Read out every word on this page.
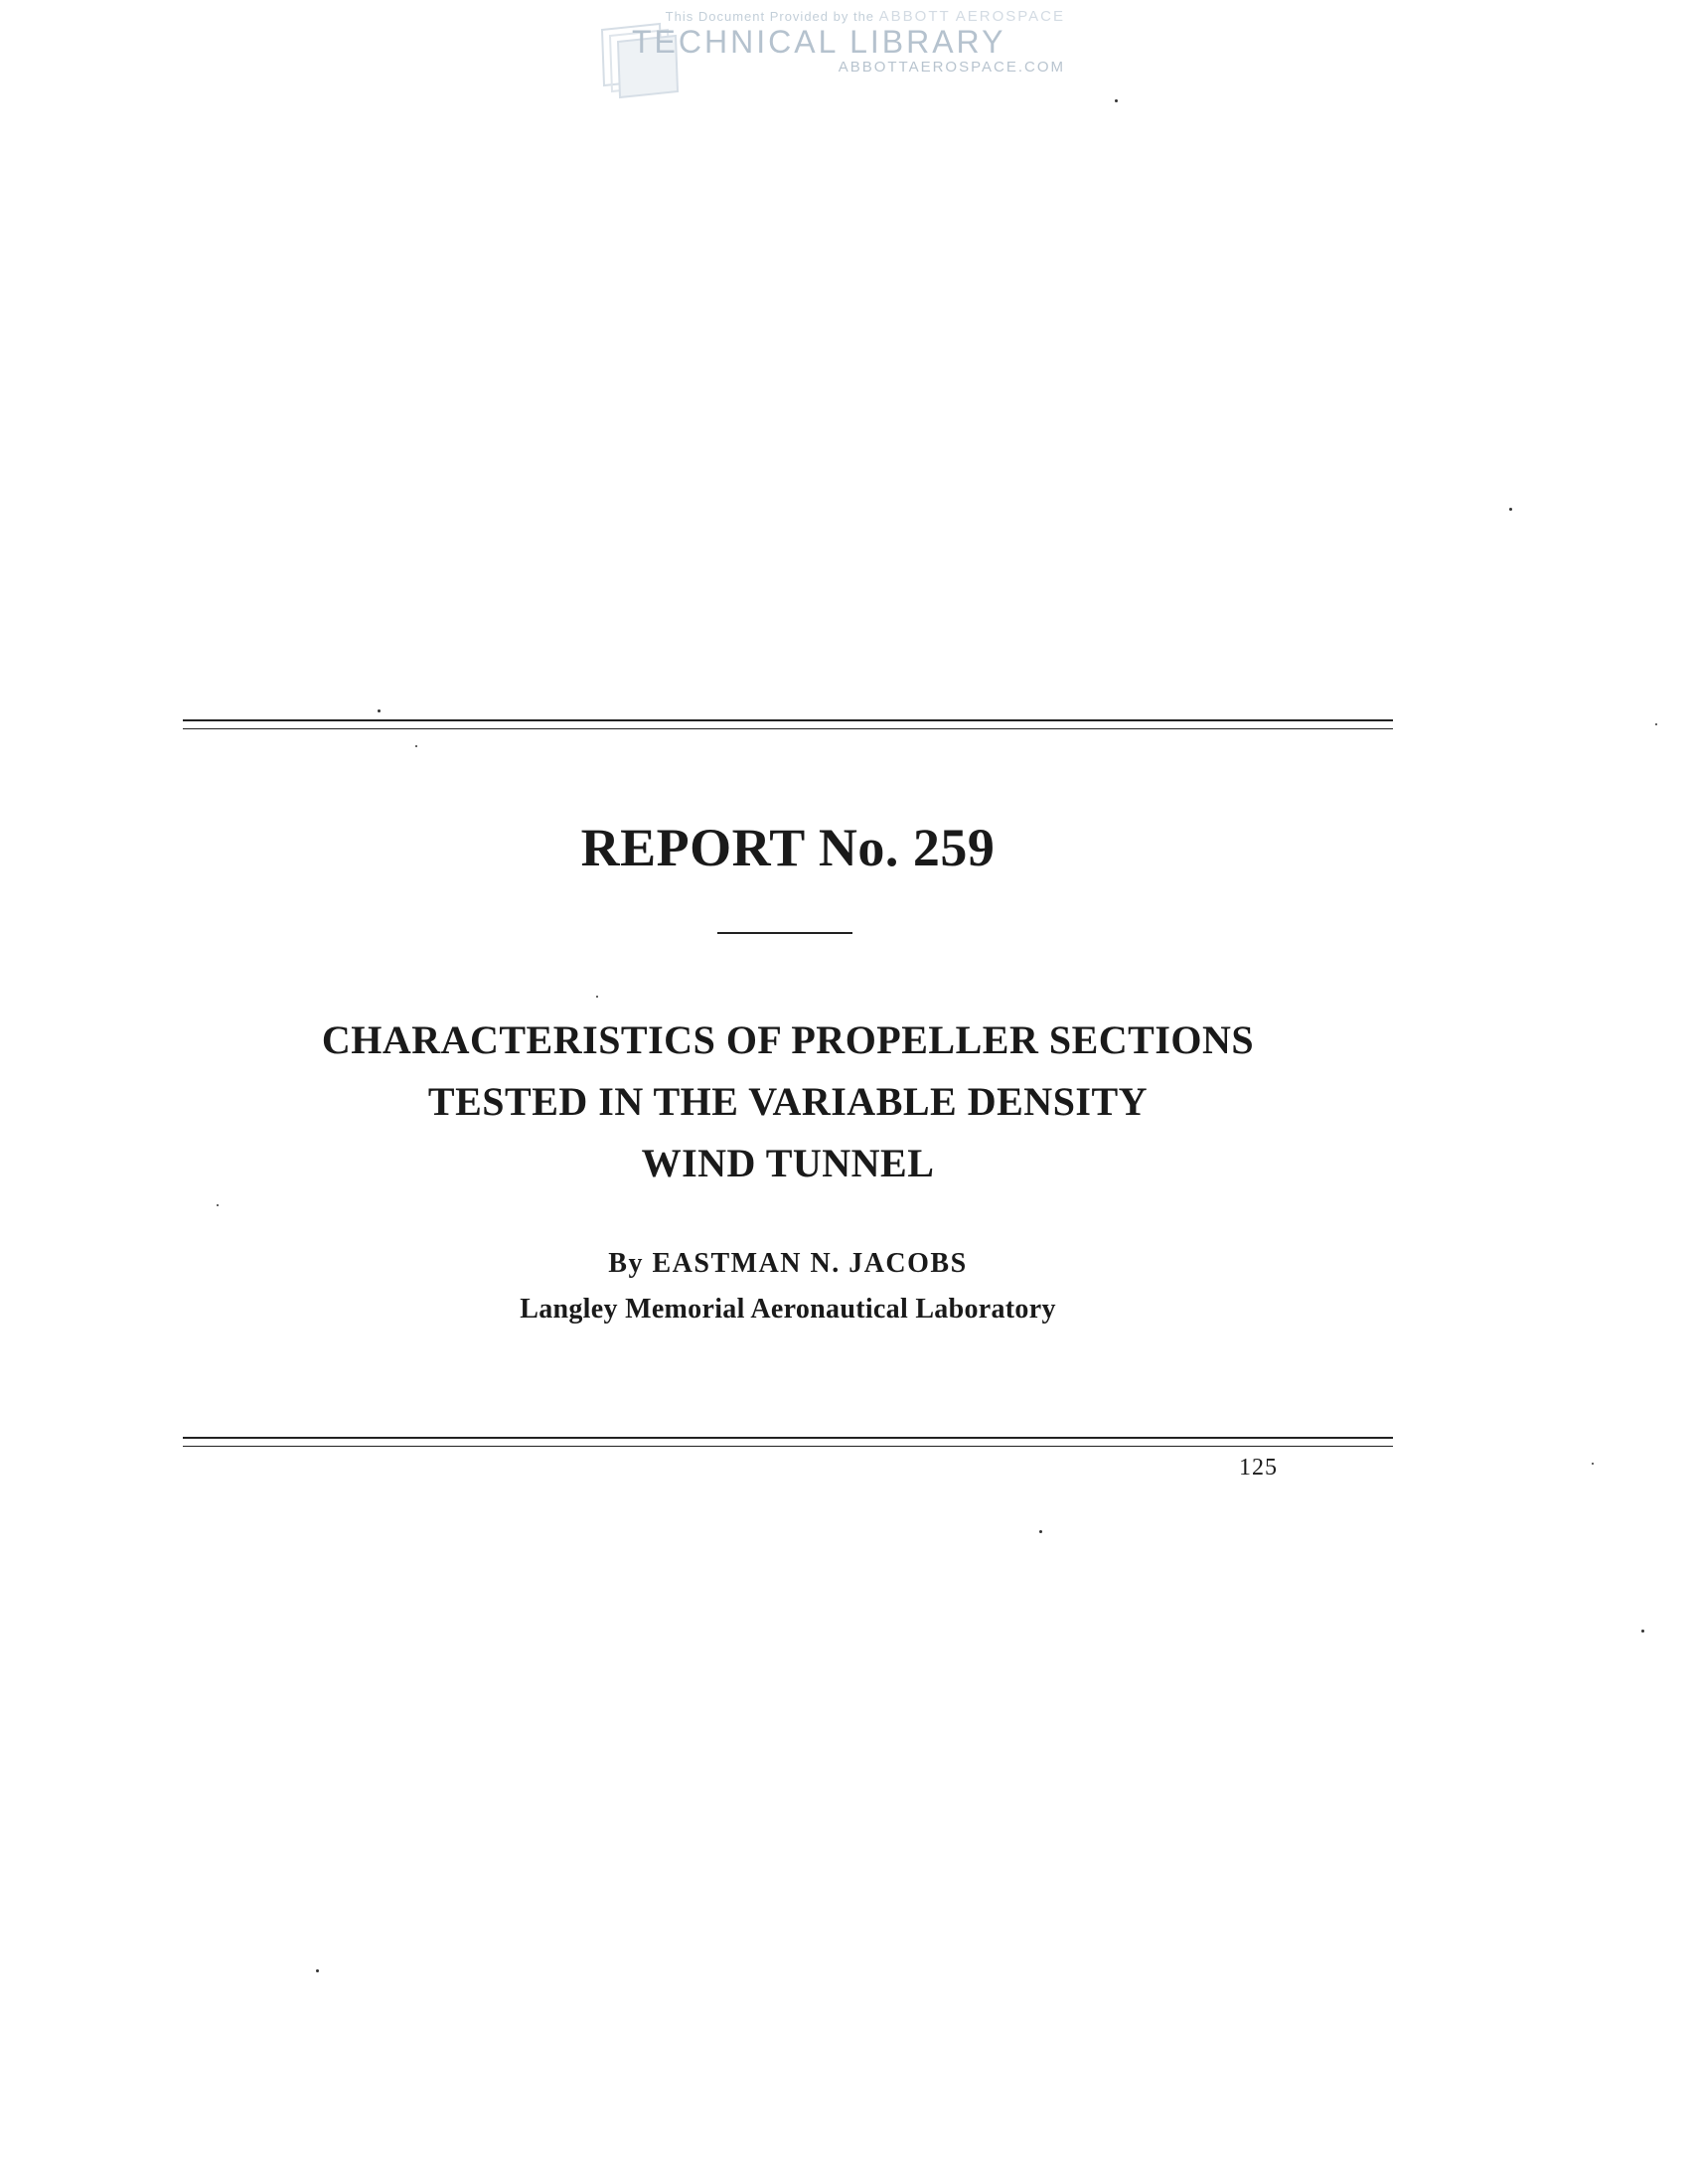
This Document Provided by the ABBOTT AEROSPACE
TECHNICAL LIBRARY
ABBOTTAEROSPACE.COM
REPORT No. 259
CHARACTERISTICS OF PROPELLER SECTIONS
TESTED IN THE VARIABLE DENSITY
WIND TUNNEL
By EASTMAN N. JACOBS
Langley Memorial Aeronautical Laboratory
125
